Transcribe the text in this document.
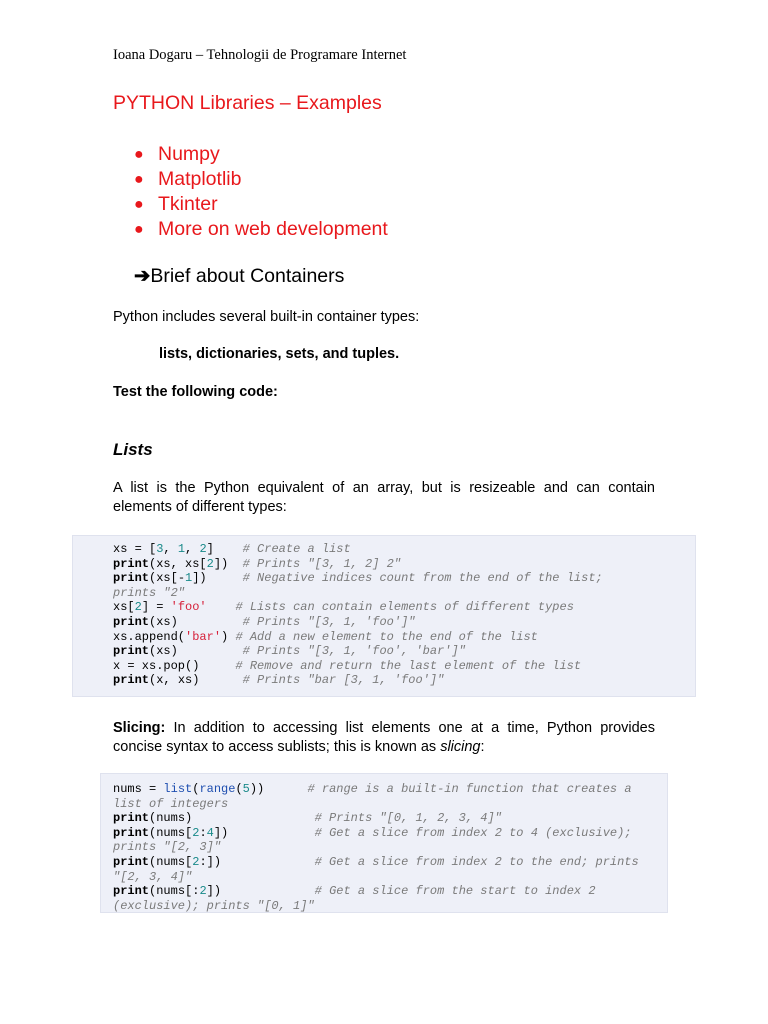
Ioana Dogaru – Tehnologii de Programare Internet
PYTHON Libraries – Examples
● Numpy
● Matplotlib
● Tkinter
● More on web development
➔Brief about Containers
Python includes several built-in container types:
lists, dictionaries, sets, and tuples.
Test the following code:
Lists
A list is the Python equivalent of an array, but is resizeable and can contain elements of different types:
xs = [3, 1, 2]    # Create a list
print(xs, xs[2])  # Prints "[3, 1, 2] 2"
print(xs[-1])     # Negative indices count from the end of the list;
prints "2"
xs[2] = 'foo' # Lists can contain elements of different types
print(xs)         # Prints "[3, 1, 'foo']"
xs.append('bar') # Add a new element to the end of the list
print(xs)         # Prints "[3, 1, 'foo', 'bar']"
x = xs.pop()     # Remove and return the last element of the list
print(x, xs)      # Prints "bar [3, 1, 'foo']"
Slicing: In addition to accessing list elements one at a time, Python provides concise syntax to access sublists; this is known as slicing:
nums = list(range(5))      # range is a built-in function that creates a
list of integers
print(nums)                 # Prints "[0, 1, 2, 3, 4]"
print(nums[2:4])            # Get a slice from index 2 to 4 (exclusive);
prints "[2, 3]"
print(nums[2:])             # Get a slice from index 2 to the end; prints
"[2, 3, 4]"
print(nums[:2])             # Get a slice from the start to index 2
(exclusive); prints "[0, 1]"
